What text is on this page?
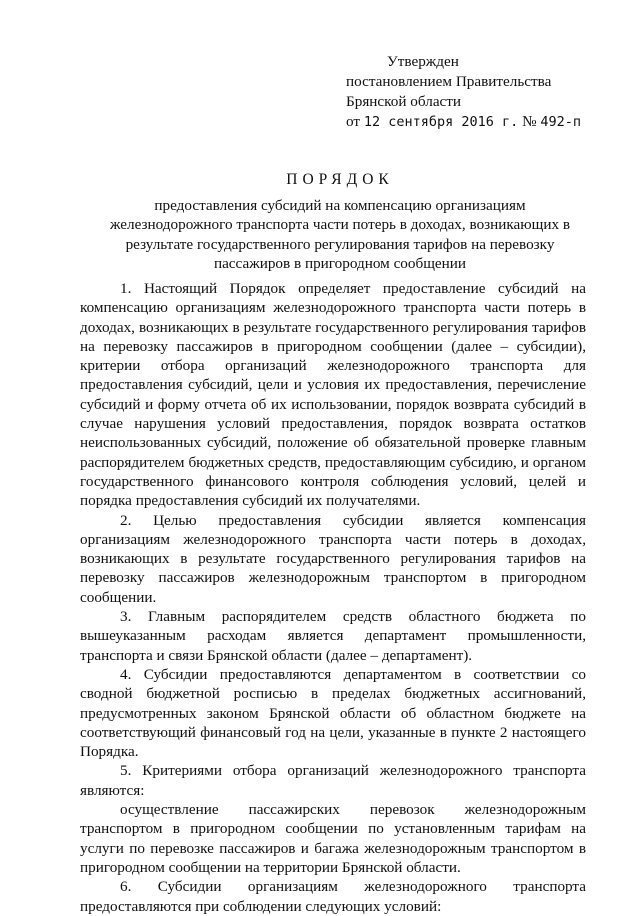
Утвержден
постановлением Правительства
Брянской области
от 12 сентября 2016 г. № 492-п
ПОРЯДОК
предоставления субсидий на компенсацию организациям железнодорожного транспорта части потерь в доходах, возникающих в результате государственного регулирования тарифов на перевозку пассажиров в пригородном сообщении

1. Настоящий Порядок определяет предоставление субсидий на компенсацию организациям железнодорожного транспорта части потерь в доходах, возникающих в результате государственного регулирования тарифов на перевозку пассажиров в пригородном сообщении (далее – субсидии), критерии отбора организаций железнодорожного транспорта для предоставления субсидий, цели и условия их предоставления, перечисление субсидий и форму отчета об их использовании, порядок возврата субсидий в случае нарушения условий предоставления, порядок возврата остатков неиспользованных субсидий, положение об обязательной проверке главным распорядителем бюджетных средств, предоставляющим субсидию, и органом государственного финансового контроля соблюдения условий, целей и порядка предоставления субсидий их получателями.

2. Целью предоставления субсидии является компенсация организациям железнодорожного транспорта части потерь в доходах, возникающих в результате государственного регулирования тарифов на перевозку пассажиров железнодорожным транспортом в пригородном сообщении.

3. Главным распорядителем средств областного бюджета по вышеуказанным расходам является департамент промышленности, транспорта и связи Брянской области (далее – департамент).

4. Субсидии предоставляются департаментом в соответствии со сводной бюджетной росписью в пределах бюджетных ассигнований, предусмотренных законом Брянской области об областном бюджете на соответствующий финансовый год на цели, указанные в пункте 2 настоящего Порядка.

5. Критериями отбора организаций железнодорожного транспорта являются:

осуществление пассажирских перевозок железнодорожным транспортом в пригородном сообщении по установленным тарифам на услуги по перевозке пассажиров и багажа железнодорожным транспортом в пригородном сообщении на территории Брянской области.

6. Субсидии организациям железнодорожного транспорта предоставляются при соблюдении следующих условий:
